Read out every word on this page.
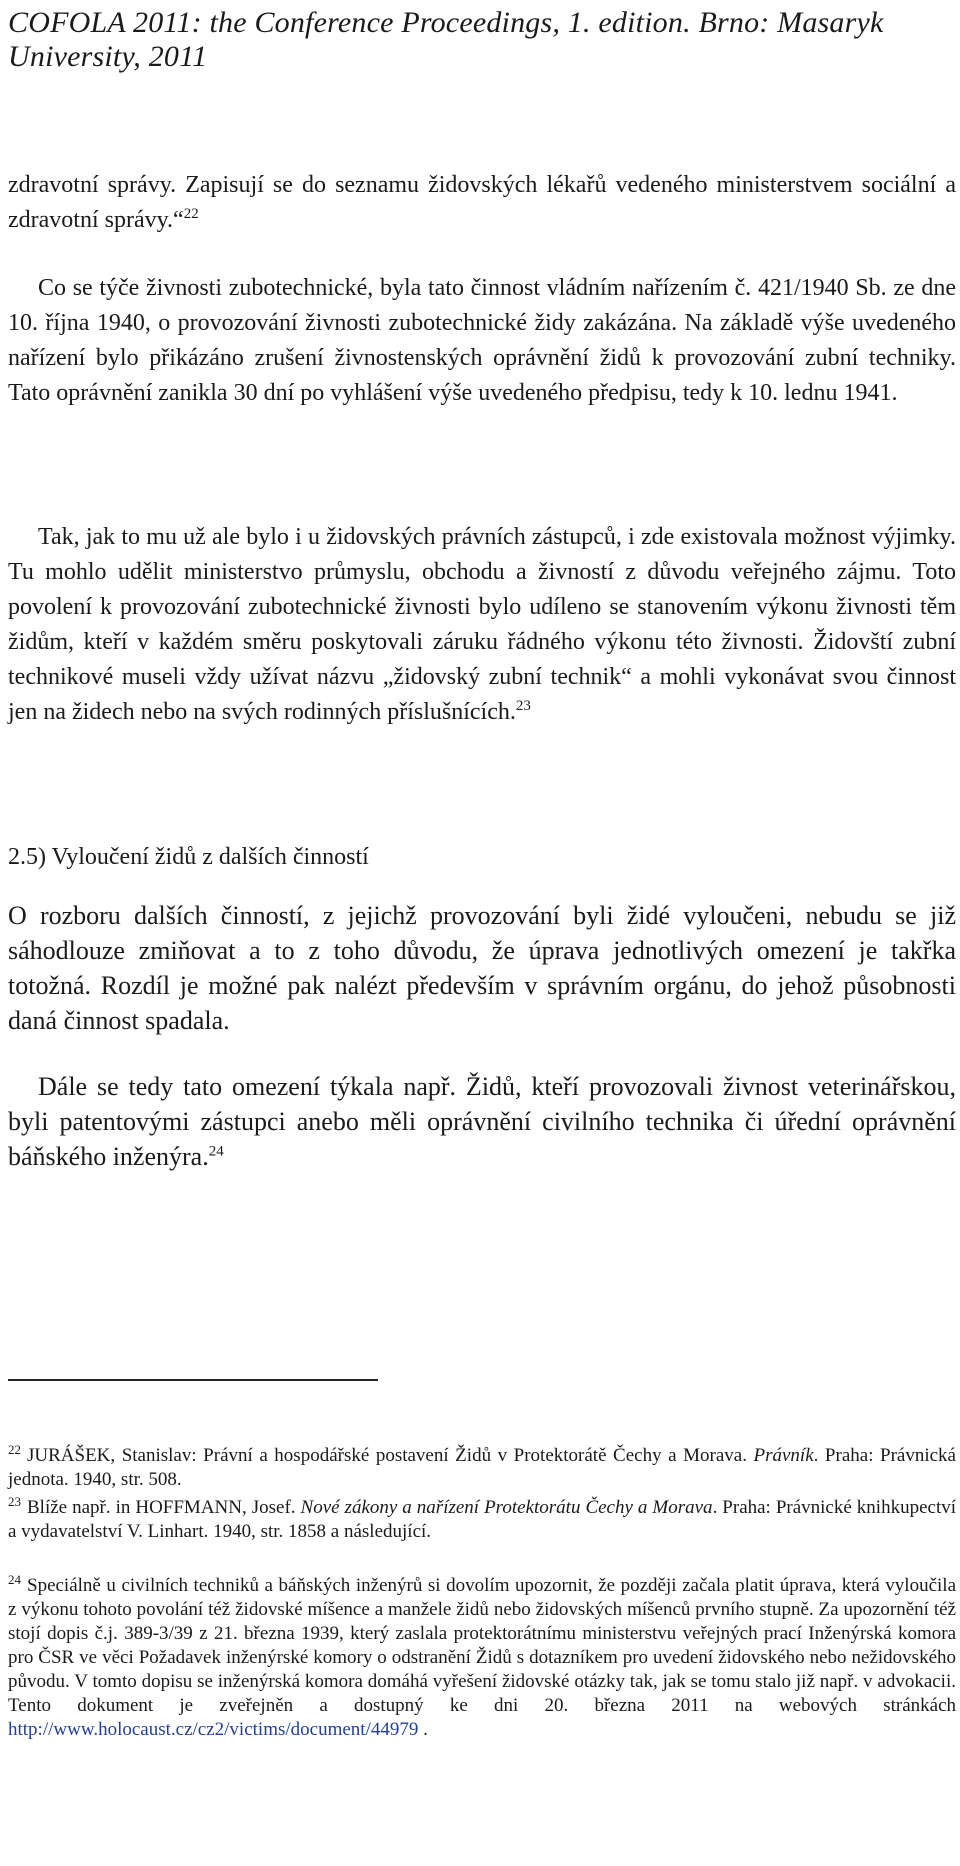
COFOLA 2011: the Conference Proceedings, 1. edition. Brno: Masaryk University, 2011

zdravotní správy. Zapisují se do seznamu židovských lékařů vedeného ministerstvem sociální a zdravotní správy.“$^{22}$

Co se týče živnosti zubotechnické, byla tato činnost vládním nařízením č. 421/1940 Sb. ze dne 10. října 1940, o provozování živnosti zubotechnické židy zakázána. Na základě výše uvedeného nařízení bylo přikázáno zrušení živnostenských oprávnění židů k provozování zubní techniky. Tato oprávnění zanikla 30 dní po vyhlášení výše uvedeného předpisu, tedy k 10. lednu 1941.

Tak, jak to mu už ale bylo i u židovských právních zástupců, i zde existovala možnost výjimky. Tu mohlo udělit ministerstvo průmyslu, obchodu a živností z důvodu veřejného zájmu. Toto povolení k provozování zubotechnické živnosti bylo udíleno se stanovením výkonu živnosti těm židům, kteří v každém směru poskytovali záruku řádného výkonu této živnosti. Židovští zubní technikové museli vždy užívat názvu „židovský zubní technik“ a mohli vykonávat svou činnost jen na židech nebo na svých rodinných příslušnících.$^{23}$

2.5) Vyloučení židů z dalších činností

O rozboru dalších činností, z jejichž provozování byli židé vyloučeni, nebudu se již sáhodlouze zmiňovat a to z toho důvodu, že úprava jednotlivých omezení je takřka totožná. Rozdíl je možné pak nalézt především v správním orgánu, do jehož působnosti daná činnost spadala.

Dále se tedy tato omezení týkala např. Židů, kteří provozovali živnost veterinářskou, byli patentovými zástupci anebo měli oprávnění civilního technika či úřední oprávnění báňského inženýra.$^{24}$

$^{22}$ JURÁŠEK, Stanislav: Právní a hospodářské postavení Židů v Protektorátě Čechy a Morava. Právník. Praha: Právnická jednota. 1940, str. 508.

$^{23}$ Blíže např. in HOFFMANN, Josef. Nové zákony a nařízení Protektorátu Čechy a Morava. Praha: Právnické knihkupectví a vydavatelství V. Linhart. 1940, str. 1858 a následující.

$^{24}$ Speciálně u civilních techniků a báňských inženýrů si dovolím upozornit, že později začala platit úprava, která vyloučila z výkonu tohoto povolání též židovské míšence a manžele židů nebo židovských míšenců prvního stupně. Za upozornění též stojí dopis č.j. 389-3/39 z 21. března 1939, který zaslala protektorátnímu ministerstvu veřejných prací Inženýrská komora pro ČSR ve věci Požadavek inženýrské komory o odstranění Židů s dotazníkem pro uvedení židovského nebo nežidovského původu. V tomto dopisu se inženýrská komora domáhá vyřešení židovské otázky tak, jak se tomu stalo již např. v advokacii. Tento dokument je zveřejněn a dostupný ke dni 20. března 2011 na webových stránkách http://www.holocaust.cz/cz2/victims/document/44979 .
